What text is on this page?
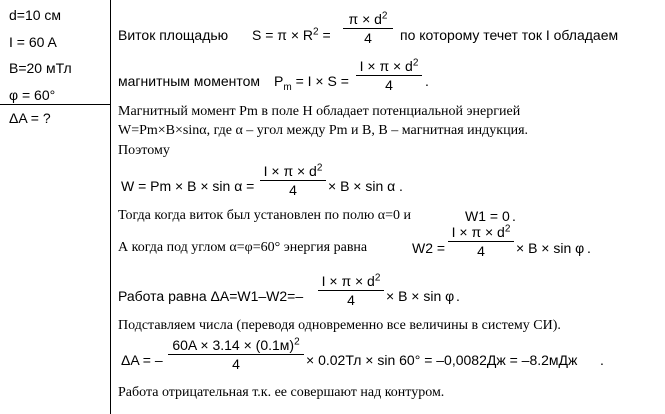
d=10 см
I = 60 A
B=20 мТл
φ = 60°
ΔA = ?
Виток площадью $S = \pi \times R^2$ =
$\pi \times d^2$
4	по которому течет ток I обладаем
магнитным моментом $P_m = I \times S$ =
$I \times \pi \times d^2$
4	.
Магнитный момент Pm в поле H обладает потенциальной энергией
W=Pm×B×sinα, где α – угол между Pm и B, B – магнитная индукция.
Поэтому
W = Pm × B × sin α =
$I \times \pi \times d^2$
4	× B × sin α .
Тогда когда виток был установлен по полю α=0 и	W1 = 0 .
А когда под углом α=φ=60° энергия равна	W2 =
$I \times \pi \times d^2$
4	× B × sin φ .
Работа равна ΔA=W1–W2=–
$I \times \pi \times d^2$
4	× B × sin φ .
Подставляем числа (переводя одновременно все величины в систему СИ).
ΔA = –
$60A \times 3.14 \times (0.1м)^2$
4	× 0.02Тл × sin 60° = –0,0082Дж = –8.2мДж .
Работа отрицательная т.к. ее совершают над контуром.
